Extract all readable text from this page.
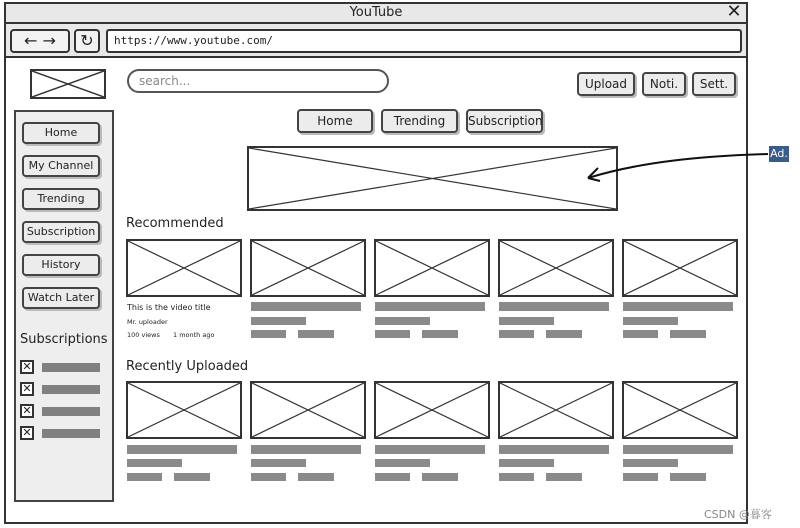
YouTube	✕
← →	↻	https://www.youtube.com/
search...	Upload	Noti.	Sett.
Home	Trending	Subscription
Home
My Channel
Trending
Subscription
History
Watch Later
Subscriptions
✕
✕
✕
✕
Ad.
Recommended
This is the video title
Mr. uploader
100 views 1 month ago
Recently Uploaded
CSDN @暮客
